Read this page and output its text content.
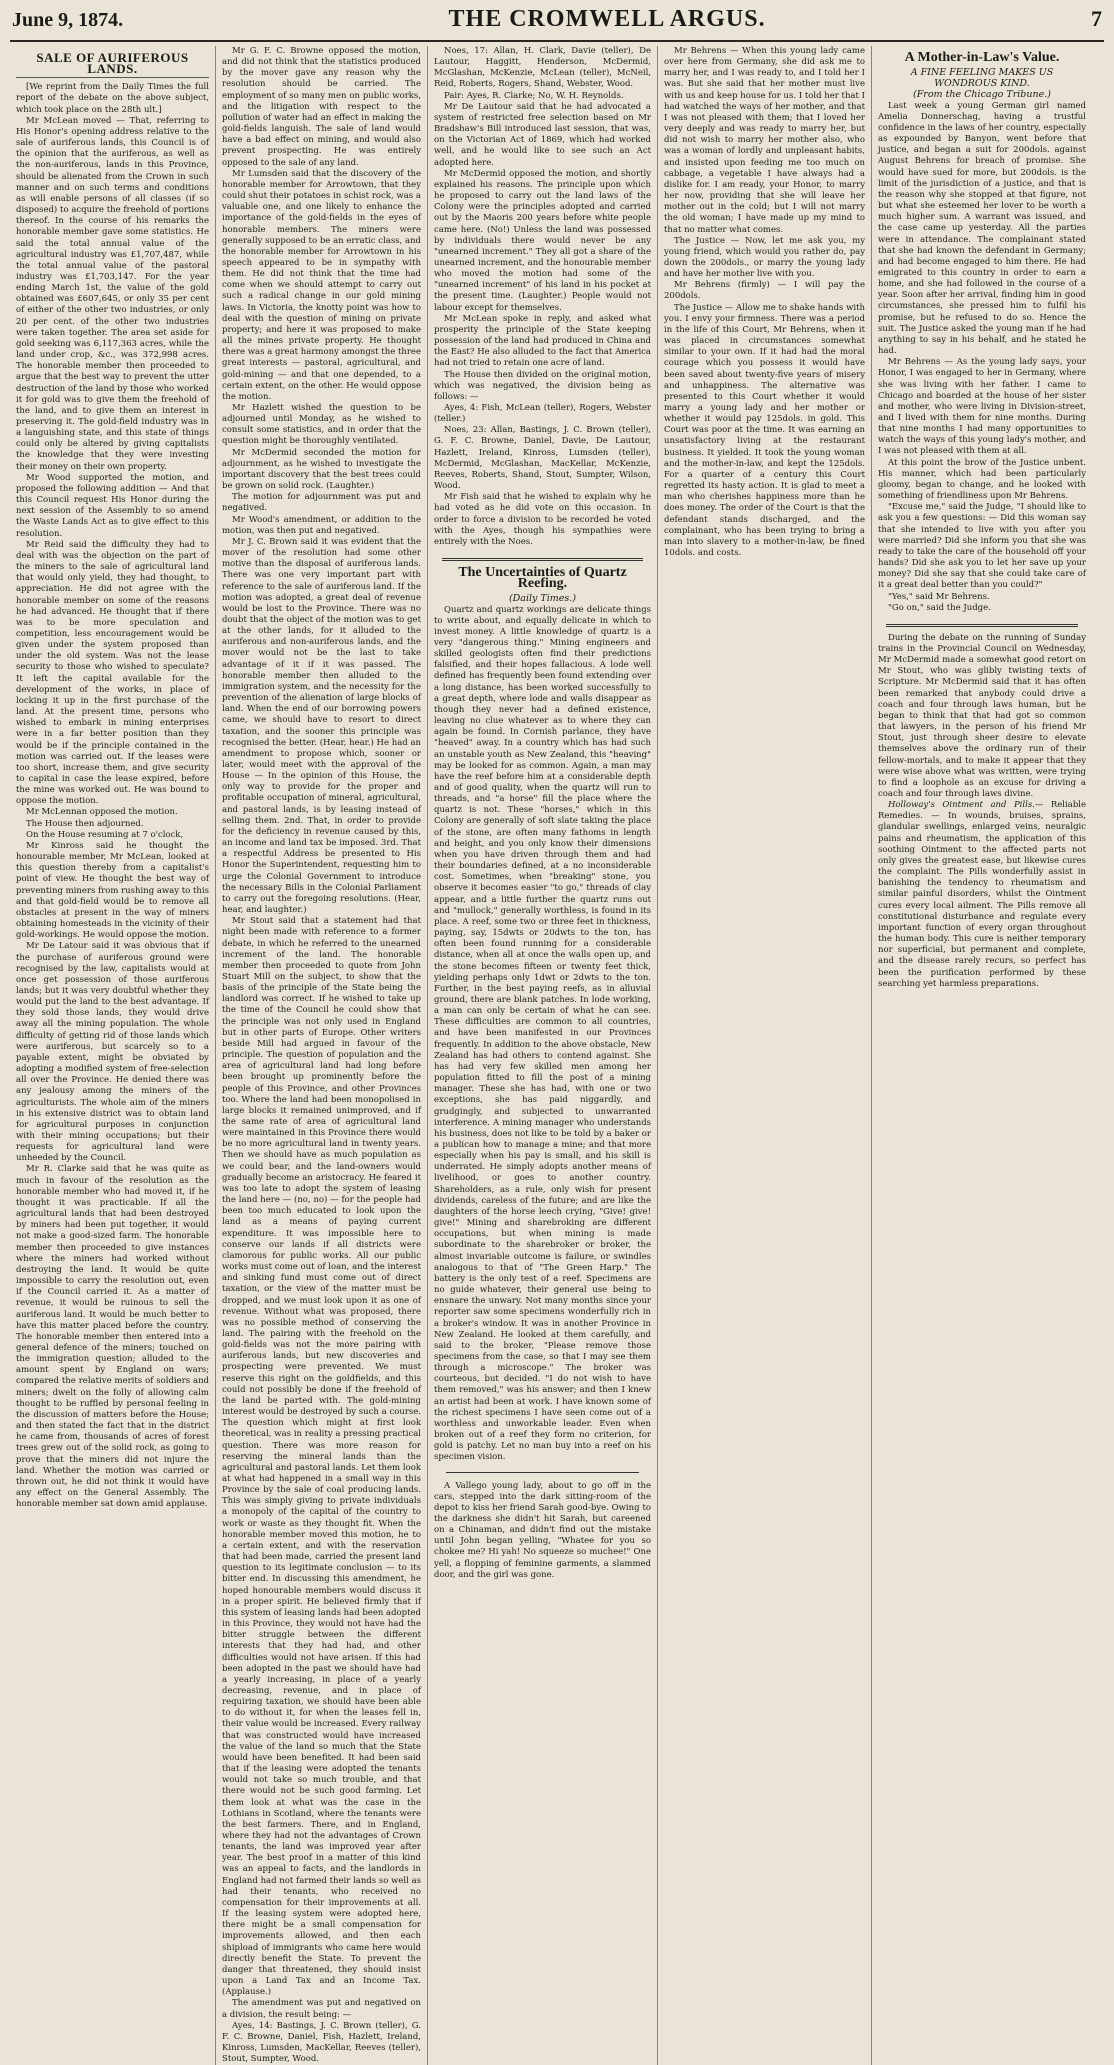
June 9, 1874.	THE CROMWELL ARGUS.	7
SALE OF AURIFEROUS LANDS.

[We reprint from the Daily Times the full report of the debate on the above subject, which took place on the 28th ult.]

Mr McLean moved — That, referring to His Honor's opening address relative to the sale of auriferous lands, this Council is of the opinion that the auriferous, as well as the non-auriferous, lands in this Province, should be alienated from the Crown in such manner and on such terms and conditions as will enable persons of all classes (if so disposed) to acquire the freehold of portions thereof. In the course of his remarks the honorable member gave some statistics. He said the total annual value of the agricultural industry was £1,707,487, while the total annual value of the pastoral industry was £1,703,147. For the year ending March 1st, the value of the gold obtained was £607,645, or only 35 per cent of either of the other two industries, or only 20 per cent. of the other two industries were taken together. The area set aside for gold seeking was 6,117,363 acres, while the land under crop, &c., was 372,998 acres. The honorable member then proceeded to argue that the best way to prevent the utter destruction of the land by those who worked it for gold was to give them the freehold of the land, and to give them an interest in preserving it. The gold-field industry was in a languishing state, and this state of things could only be altered by giving capitalists the knowledge that they were investing their money on their own property.

Mr Wood supported the motion, and proposed the following addition — And that this Council request His Honor during the next session of the Assembly to so amend the Waste Lands Act as to give effect to this resolution.

Mr Reid said the difficulty they had to deal with was the objection on the part of the miners to the sale of agricultural land that would only yield, they had thought, to appreciation. He did not agree with the honorable member on some of the reasons he had advanced. He thought that if there was to be more speculation and competition, less encouragement would be given under the system proposed than under the old system. Was not the lease security to those who wished to speculate? It left the capital available for the development of the works, in place of locking it up in the first purchase of the land. At the present time, persons who wished to embark in mining enterprises were in a far better position than they would be if the principle contained in the motion was carried out. If the leases were too short, increase them, and give security to capital in case the lease expired, before the mine was worked out. He was bound to oppose the motion.

Mr McLennan opposed the motion.

The House then adjourned.

On the House resuming at 7 o'clock,

Mr Kinross said he thought the honourable member, Mr McLean, looked at this question thereby from a capitalist's point of view. He thought the best way of preventing miners from rushing away to this and that gold-field would be to remove all obstacles at present in the way of miners obtaining homesteads in the vicinity of their gold-workings. He would oppose the motion.

Mr De Latour said it was obvious that if the purchase of auriferous ground were recognised by the law, capitalists would at once get possession of those auriferous lands; but it was very doubtful whether they would put the land to the best advantage. If they sold those lands, they would drive away all the mining population. The whole difficulty of getting rid of those lands which were auriferous, but scarcely so to a payable extent, might be obviated by adopting a modified system of free-selection all over the Province. He denied there was any jealousy among the miners of the agriculturists. The whole aim of the miners in his extensive district was to obtain land for agricultural purposes in conjunction with their mining occupations; but their requests for agricultural land were unheeded by the Council.

Mr R. Clarke said that he was quite as much in favour of the resolution as the honorable member who had moved it, if he thought it was practicable. If all the agricultural lands that had been destroyed by miners had been put together, it would not make a good-sized farm. The honorable member then proceeded to give instances where the miners had worked without destroying the land. It would be quite impossible to carry the resolution out, even if the Council carried it. As a matter of revenue, it would be ruinous to sell the auriferous land. It would be much better to have this matter placed before the country. The honorable member then entered into a general defence of the miners; touched on the immigration question; alluded to the amount spent by England on wars; compared the relative merits of soldiers and miners; dwelt on the folly of allowing calm thought to be ruffled by personal feeling in the discussion of matters before the House; and then stated the fact that in the district he came from, thousands of acres of forest trees grew out of the solid rock, as going to prove that the miners did not injure the land. Whether the motion was carried or thrown out, he did not think it would have any effect on the General Assembly. The honorable member sat down amid applause.

Mr G. F. C. Browne opposed the motion, and did not think that the statistics produced by the mover gave any reason why the resolution should be carried. The employment of so many men on public works, and the litigation with respect to the pollution of water had an effect in making the gold-fields languish. The sale of land would have a bad effect on mining, and would also prevent prospecting. He was entirely opposed to the sale of any land.

Mr Lumsden said that the discovery of the honorable member for Arrowtown, that they could shut their potatoes in schist rock, was a valuable one, and one likely to enhance the importance of the gold-fields in the eyes of honorable members. The miners were generally supposed to be an erratic class, and the honorable member for Arrowtown in his speech appeared to be in sympathy with them. He did not think that the time had come when we should attempt to carry out such a radical change in our gold mining laws. In Victoria, the knotty point was how to deal with the question of mining on private property; and here it was proposed to make all the mines private property. He thought there was a great harmony amongst the three great interests — pastoral, agricultural, and gold-mining — and that one depended, to a certain extent, on the other. He would oppose the motion.

Mr Hazlett wished the question to be adjourned until Monday, as he wished to consult some statistics, and in order that the question might be thoroughly ventilated.

Mr McDermid seconded the motion for adjournment, as he wished to investigate the important discovery that the best trees could be grown on solid rock. (Laughter.)

The motion for adjournment was put and negatived.

Mr Wood's amendment, or addition to the motion, was then put and negatived.

Mr J. C. Brown said it was evident that the mover of the resolution had some other motive than the disposal of auriferous lands. There was one very important part with reference to the sale of auriferous land. If the motion was adopted, a great deal of revenue would be lost to the Province. There was no doubt that the object of the motion was to get at the other lands, for it alluded to the auriferous and non-auriferous lands, and the mover would not be the last to take advantage of it if it was passed. The honorable member then alluded to the immigration system, and the necessity for the prevention of the alienation of large blocks of land. When the end of our borrowing powers came, we should have to resort to direct taxation, and the sooner this principle was recognised the better. (Hear, hear.) He had an amendment to propose which, sooner or later, would meet with the approval of the House — In the opinion of this House, the only way to provide for the proper and profitable occupation of mineral, agricultural, and pastoral lands, is by leasing instead of selling them. 2nd. That, in order to provide for the deficiency in revenue caused by this, an income and land tax be imposed. 3rd. That a respectful Address be presented to His Honor the Superintendent, requesting him to urge the Colonial Government to introduce the necessary Bills in the Colonial Parliament to carry out the foregoing resolutions. (Hear, hear, and laughter.)

Mr Stout said that a statement had that night been made with reference to a former debate, in which he referred to the unearned increment of the land. The honorable member then proceeded to quote from John Stuart Mill on the subject, to show that the basis of the principle of the State being the landlord was correct. If he wished to take up the time of the Council he could show that the principle was not only used in England but in other parts of Europe. Other writers beside Mill had argued in favour of the principle. The question of population and the area of agricultural land had long before been brought up prominently before the people of this Province, and other Provinces too. Where the land had been monopolised in large blocks it remained unimproved, and if the same rate of area of agricultural land were maintained in this Province there would be no more agricultural land in twenty years. Then we should have as much population as we could bear, and the land-owners would gradually become an aristocracy. He feared it was too late to adopt the system of leasing the land here — (no, no) — for the people had been too much educated to look upon the land as a means of paying current expenditure. It was impossible here to conserve our lands if all districts were clamorous for public works. All our public works must come out of loan, and the interest and sinking fund must come out of direct taxation, or the view of the matter must be dropped, and we must look upon it as one of revenue. Without what was proposed, there was no possible method of conserving the land. The pairing with the freehold on the gold-fields was not the more pairing with auriferous lands, but new discoveries and prospecting were prevented. We must reserve this right on the goldfields, and this could not possibly be done if the freehold of the land be parted with. The gold-mining interest would be destroyed by such a course. The question which might at first look theoretical, was in reality a pressing practical question. There was more reason for reserving the mineral lands than the agricultural and pastoral lands. Let them look at what had happened in a small way in this Province by the sale of coal producing lands. This was simply giving to private individuals a monopoly of the capital of the country to work or waste as they thought fit. When the honorable member moved this motion, he to a certain extent, and with the reservation that had been made, carried the present land question to its legitimate conclusion — to its bitter end. In discussing this amendment, he hoped honourable members would discuss it in a proper spirit. He believed firmly that if this system of leasing lands had been adopted in this Province, they would not have had the bitter struggle between the different interests that they had had, and other difficulties would not have arisen. If this had been adopted in the past we should have had a yearly increasing, in place of a yearly decreasing, revenue, and in place of requiring taxation, we should have been able to do without it, for when the leases fell in, their value would be increased. Every railway that was constructed would have increased the value of the land so much that the State would have been benefited. It had been said that if the leasing were adopted the tenants would not take so much trouble, and that there would not be such good farming. Let them look at what was the case in the Lothians in Scotland, where the tenants were the best farmers. There, and in England, where they had not the advantages of Crown tenants, the land was improved year after year. The best proof in a matter of this kind was an appeal to facts, and the landlords in England had not farmed their lands so well as had their tenants, who received no compensation for their improvements at all. If the leasing system were adopted here, there might be a small compensation for improvements allowed, and then each shipload of immigrants who came here would directly benefit the State. To prevent the danger that threatened, they should insist upon a Land Tax and an Income Tax. (Applause.)

The amendment was put and negatived on a division, the result being: —

Ayes, 14: Bastings, J. C. Brown (teller), G. F. C. Browne, Daniel, Fish, Hazlett, Ireland, Kinross, Lumsden, MacKellar, Reeves (teller), Stout, Sumpter, Wood.

Noes, 17: Allan, H. Clark, Davie (teller), De Lautour, Haggitt, Henderson, McDermid, McGlashan, McKenzie, McLean (teller), McNeil, Reid, Roberts, Rogers, Shand, Webster, Wood.

Pair: Ayes, R. Clarke; No, W. H. Reynolds.

Mr De Lautour said that he had advocated a system of restricted free selection based on Mr Bradshaw's Bill introduced last session, that was, on the Victorian Act of 1869, which had worked well, and he would like to see such an Act adopted here.

Mr McDermid opposed the motion, and shortly explained his reasons. The principle upon which he proposed to carry out the land laws of the Colony were the principles adopted and carried out by the Maoris 200 years before white people came here. (No!) Unless the land was possessed by individuals there would never be any "unearned increment." They all got a share of the unearned increment, and the honourable member who moved the motion had some of the "unearned increment" of his land in his pocket at the present time. (Laughter.) People would not labour except for themselves.

Mr McLean spoke in reply, and asked what prosperity the principle of the State keeping possession of the land had produced in China and the East? He also alluded to the fact that America had not tried to retain one acre of land.

The House then divided on the original motion, which was negatived, the division being as follows: —

Ayes, 4: Fish, McLean (teller), Rogers, Webster (teller.)

Noes, 23: Allan, Bastings, J. C. Brown (teller), G. F. C. Browne, Daniel, Davie, De Lautour, Hazlett, Ireland, Kinross, Lumsden (teller), McDermid, McGlashan, MacKellar, McKenzie, Reeves, Roberts, Shand, Stout, Sumpter, Wilson, Wood.

Mr Fish said that he wished to explain why he had voted as he did vote on this occasion. In order to force a division to be recorded he voted with the Ayes, though his sympathies were entirely with the Noes.

The Uncertainties of Quartz Reefing.

(Daily Times.)

Quartz and quartz workings are delicate things to write about, and equally delicate in which to invest money. A little knowledge of quartz is a very "dangerous thing." Mining engineers and skilled geologists often find their predictions falsified, and their hopes fallacious. A lode well defined has frequently been found extending over a long distance, has been worked successfully to a great depth, where lode and walls disappear as though they never had a defined existence, leaving no clue whatever as to where they can again be found. In Cornish parlance, they have "heaved" away. In a country which has had such an unstable youth as New Zealand, this "heaving" may be looked for as common. Again, a man may have the reef before him at a considerable depth and of good quality, when the quartz will run to threads, and "a horse" fill the place where the quartz is not. These "horses," which in this Colony are generally of soft slate taking the place of the stone, are often many fathoms in length and height, and you only know their dimensions when you have driven through them and had their boundaries defined, at a no inconsiderable cost. Sometimes, when "breaking" stone, you observe it becomes easier "to go," threads of clay appear, and a little further the quartz runs out and "mullock," generally worthless, is found in its place. A reef, some two or three feet in thickness, paying, say, 15dwts or 20dwts to the ton, has often been found running for a considerable distance, when all at once the walls open up, and the stone becomes fifteen or twenty feet thick, yielding perhaps only 1dwt or 2dwts to the ton. Further, in the best paying reefs, as in alluvial ground, there are blank patches. In lode working, a man can only be certain of what he can see. These difficulties are common to all countries, and have been manifested in our Provinces frequently. In addition to the above obstacle, New Zealand has had others to contend against. She has had very few skilled men among her population fitted to fill the post of a mining manager. These she has had, with one or two exceptions, she has paid niggardly, and grudgingly, and subjected to unwarranted interference. A mining manager who understands his business, does not like to be told by a baker or a publican how to manage a mine; and that more especially when his pay is small, and his skill is underrated. He simply adopts another means of livelihood, or goes to another country. Shareholders, as a rule, only wish for present dividends, careless of the future; and are like the daughters of the horse leech crying, "Give! give! give!" Mining and sharebroking are different occupations, but when mining is made subordinate to the sharebroker or broker, the almost invariable outcome is failure, or swindles analogous to that of "The Green Harp." The battery is the only test of a reef. Specimens are no guide whatever, their general use being to ensnare the unwary. Not many months since your reporter saw some specimens wonderfully rich in a broker's window. It was in another Province in New Zealand. He looked at them carefully, and said to the broker, "Please remove those specimens from the case, so that I may see them through a microscope." The broker was courteous, but decided. "I do not wish to have them removed," was his answer; and then I knew an artist had been at work. I have known some of the richest specimens I have seen come out of a worthless and unworkable leader. Even when broken out of a reef they form no criterion, for gold is patchy. Let no man buy into a reef on his specimen vision.

A Vallego young lady, about to go off in the cars, stepped into the dark sitting-room of the depot to kiss her friend Sarah good-bye. Owing to the darkness she didn't hit Sarah, but careened on a Chinaman, and didn't find out the mistake until John began yelling, "Whatee for you so chokee me? Hi yah! No squeeze so muchee!" One yell, a flopping of feminine garments, a slammed door, and the girl was gone.

Mr Behrens — When this young lady came over here from Germany, she did ask me to marry her, and I was ready to, and I told her I was. But she said that her mother must live with us and keep house for us. I told her that I had watched the ways of her mother, and that I was not pleased with them; that I loved her very deeply and was ready to marry her, but did not wish to marry her mother also, who was a woman of lordly and unpleasant habits, and insisted upon feeding me too much on cabbage, a vegetable I have always had a dislike for. I am ready, your Honor, to marry her now, providing that she will leave her mother out in the cold; but I will not marry the old woman; I have made up my mind to that no matter what comes.

The Justice — Now, let me ask you, my young friend, which would you rather do, pay down the 200dols., or marry the young lady and have her mother live with you.

Mr Behrens (firmly) — I will pay the 200dols.

The Justice — Allow me to shake hands with you. I envy your firmness. There was a period in the life of this Court, Mr Behrens, when it was placed in circumstances somewhat similar to your own. If it had had the moral courage which you possess it would have been saved about twenty-five years of misery and unhappiness. The alternative was presented to this Court whether it would marry a young lady and her mother or whether it would pay 125dols. in gold. This Court was poor at the time. It was earning an unsatisfactory living at the restaurant business. It yielded. It took the young woman and the mother-in-law, and kept the 125dols. For a quarter of a century this Court regretted its hasty action. It is glad to meet a man who cherishes happiness more than he does money. The order of the Court is that the defendant stands discharged, and the complainant, who has been trying to bring a man into slavery to a mother-in-law, be fined 10dols. and costs.

A Mother-in-Law's Value.

A FINE FEELING MAKES US WONDROUS KIND.

(From the Chicago Tribune.)

Last week a young German girl named Amelia Donnerschag, having a trustful confidence in the laws of her country, especially as expounded by Banyon, went before that justice, and began a suit for 200dols. against August Behrens for breach of promise. She would have sued for more, but 200dols. is the limit of the jurisdiction of a justice, and that is the reason why she stopped at that figure, not but what she esteemed her lover to be worth a much higher sum. A warrant was issued, and the case came up yesterday. All the parties were in attendance. The complainant stated that she had known the defendant in Germany; and had become engaged to him there. He had emigrated to this country in order to earn a home, and she had followed in the course of a year. Soon after her arrival, finding him in good circumstances, she pressed him to fulfil his promise, but he refused to do so. Hence the suit. The Justice asked the young man if he had anything to say in his behalf, and he stated he had.

Mr Behrens — As the young lady says, your Honor, I was engaged to her in Germany, where she was living with her father. I came to Chicago and boarded at the house of her sister and mother, who were living in Division-street, and I lived with them for nine months. During that nine months I had many opportunities to watch the ways of this young lady's mother, and I was not pleased with them at all.

At this point the brow of the Justice unbent. His manner, which had been particularly gloomy, began to change, and he looked with something of friendliness upon Mr Behrens.

"Excuse me," said the Judge, "I should like to ask you a few questions: — Did this woman say that she intended to live with you after you were married? Did she inform you that she was ready to take the care of the household off your hands? Did she ask you to let her save up your money? Did she say that she could take care of it a great deal better than you could?"

"Yes," said Mr Behrens.

"Go on," said the Judge.

During the debate on the running of Sunday trains in the Provincial Council on Wednesday, Mr McDermid made a somewhat good retort on Mr Stout, who was glibly twisting texts of Scripture. Mr McDermid said that it has often been remarked that anybody could drive a coach and four through laws human, but he began to think that that had got so common that lawyers, in the person of his friend Mr Stout, just through sheer desire to elevate themselves above the ordinary run of their fellow-mortals, and to make it appear that they were wise above what was written, were trying to find a loophole as an excuse for driving a coach and four through laws divine.

Holloway's Ointment and Pills.— Reliable Remedies. — In wounds, bruises, sprains, glandular swellings, enlarged veins, neuralgic pains and rheumatism, the application of this soothing Ointment to the affected parts not only gives the greatest ease, but likewise cures the complaint. The Pills wonderfully assist in banishing the tendency to rheumatism and similar painful disorders, whilst the Ointment cures every local ailment. The Pills remove all constitutional disturbance and regulate every important function of every organ throughout the human body. This cure is neither temporary nor superficial, but permanent and complete, and the disease rarely recurs, so perfect has been the purification performed by these searching yet harmless preparations.
